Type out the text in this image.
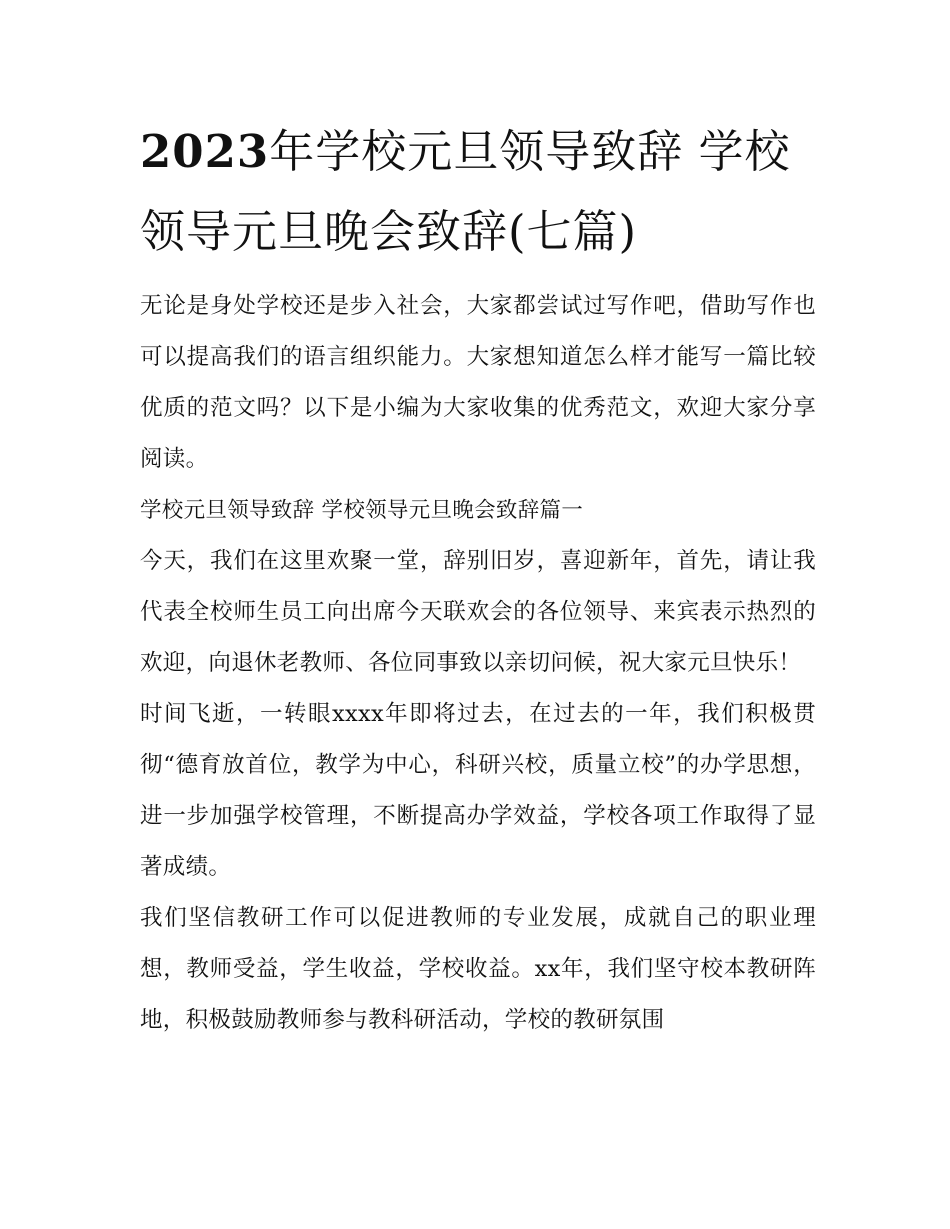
2023年学校元旦领导致辞 学校领导元旦晚会致辞(七篇)

无论是身处学校还是步入社会，大家都尝试过写作吧，借助写作也可以提高我们的语言组织能力。大家想知道怎么样才能写一篇比较优质的范文吗？以下是小编为大家收集的优秀范文，欢迎大家分享阅读。

学校元旦领导致辞 学校领导元旦晚会致辞篇一

今天，我们在这里欢聚一堂，辞别旧岁，喜迎新年，首先，请让我代表全校师生员工向出席今天联欢会的各位领导、来宾表示热烈的欢迎，向退休老教师、各位同事致以亲切问候，祝大家元旦快乐！

时间飞逝，一转眼xxxx年即将过去，在过去的一年，我们积极贯彻“德育放首位，教学为中心，科研兴校，质量立校”的办学思想，进一步加强学校管理，不断提高办学效益，学校各项工作取得了显著成绩。

我们坚信教研工作可以促进教师的专业发展，成就自己的职业理想，教师受益，学生收益，学校收益。xx年，我们坚守校本教研阵地，积极鼓励教师参与教科研活动，学校的教研氛围
